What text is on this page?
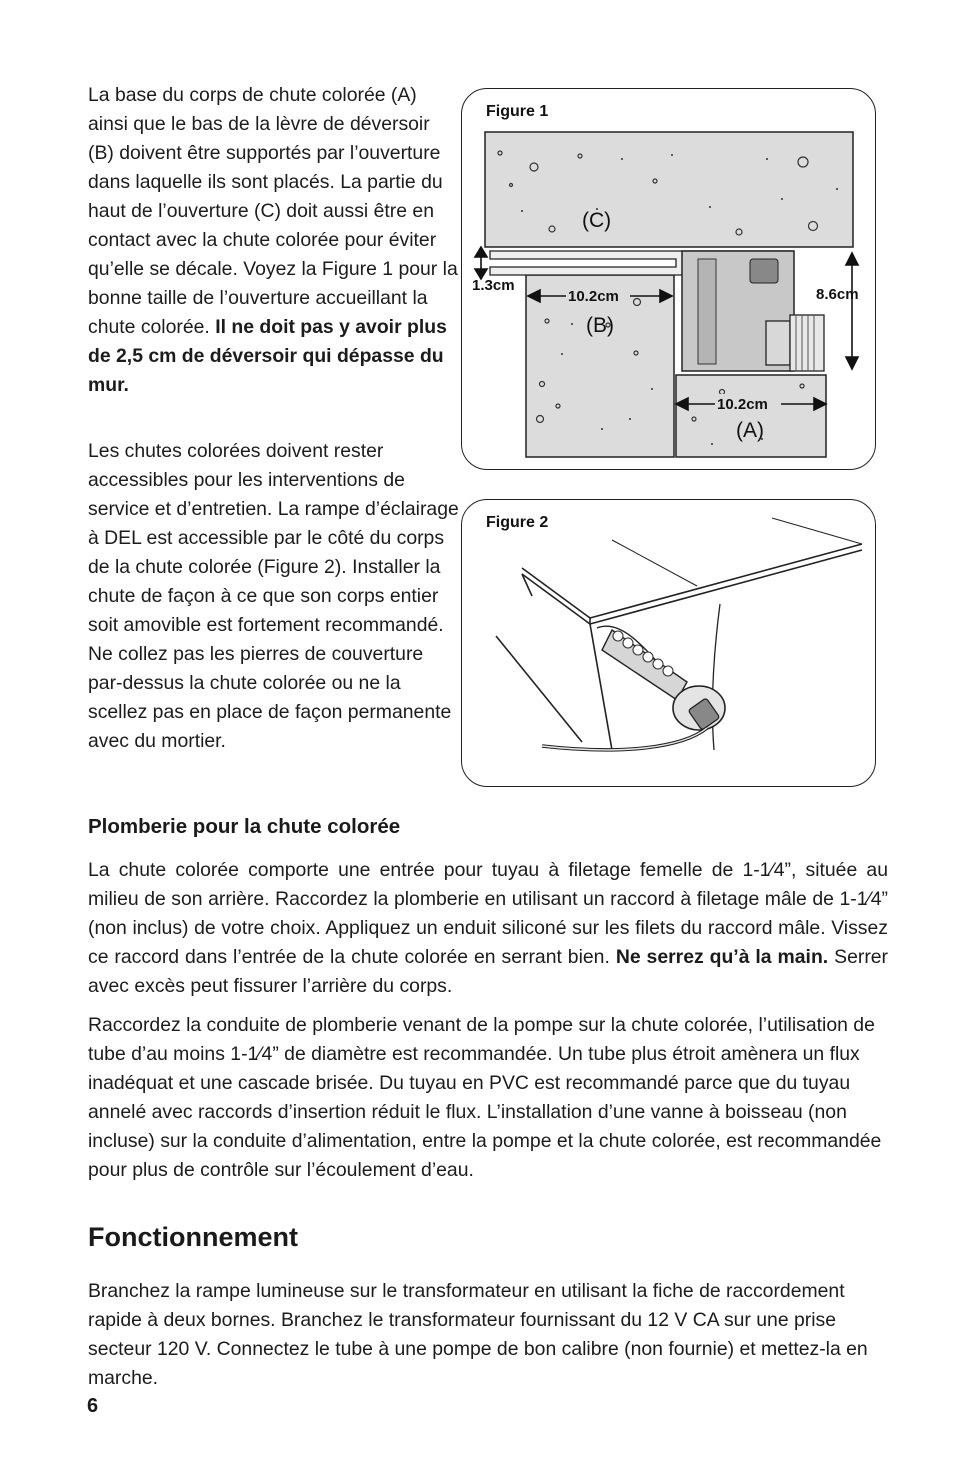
La base du corps de chute colorée (A) ainsi que le bas de la lèvre de déversoir (B) doivent être supportés par l’ouverture dans laquelle ils sont placés. La partie du haut de l’ouverture (C) doit aussi être en contact avec la chute colorée pour éviter qu’elle se décale. Voyez la Figure 1 pour la bonne taille de l’ouverture accueillant la chute colorée. Il ne doit pas y avoir plus de 2,5 cm de déversoir qui dépasse du mur.

Les chutes colorées doivent rester accessibles pour les interventions de service et d’entretien. La rampe d’éclairage à DEL est accessible par le côté du corps de la chute colorée (Figure 2). Installer la chute de façon à ce que son corps entier soit amovible est fortement recommandé. Ne collez pas les pierres de couverture par-dessus la chute colorée ou ne la scellez pas en place de façon permanente avec du mortier.

1.3cm
10.2cm
10.2cm
8.6cm
(C)
(B)
(A)
Figure 1
Figure 2
Plomberie pour la chute colorée

La chute colorée comporte une entrée pour tuyau à filetage femelle de 1-1⁄4”, située au milieu de son arrière. Raccordez la plomberie en utilisant un raccord à filetage mâle de 1-1⁄4” (non inclus) de votre choix. Appliquez un enduit siliconé sur les filets du raccord mâle. Vissez ce raccord dans l’entrée de la chute colorée en serrant bien. Ne serrez qu’à la main. Serrer avec excès peut fissurer l’arrière du corps.

Raccordez la conduite de plomberie venant de la pompe sur la chute colorée, l’utilisation de tube d’au moins 1-1⁄4” de diamètre est recommandée. Un tube plus étroit amènera un flux inadéquat et une cascade brisée. Du tuyau en PVC est recommandé parce que du tuyau annelé avec raccords d’insertion réduit le flux. L’installation d’une vanne à boisseau (non incluse) sur la conduite d’alimentation, entre la pompe et la chute colorée, est recommandée pour plus de contrôle sur l’écoulement d’eau.

Fonctionnement

Branchez la rampe lumineuse sur le transformateur en utilisant la fiche de raccordement rapide à deux bornes. Branchez le transformateur fournissant du 12 V CA sur une prise secteur 120 V. Connectez le tube à une pompe de bon calibre (non fournie) et mettez-la en marche.

6
